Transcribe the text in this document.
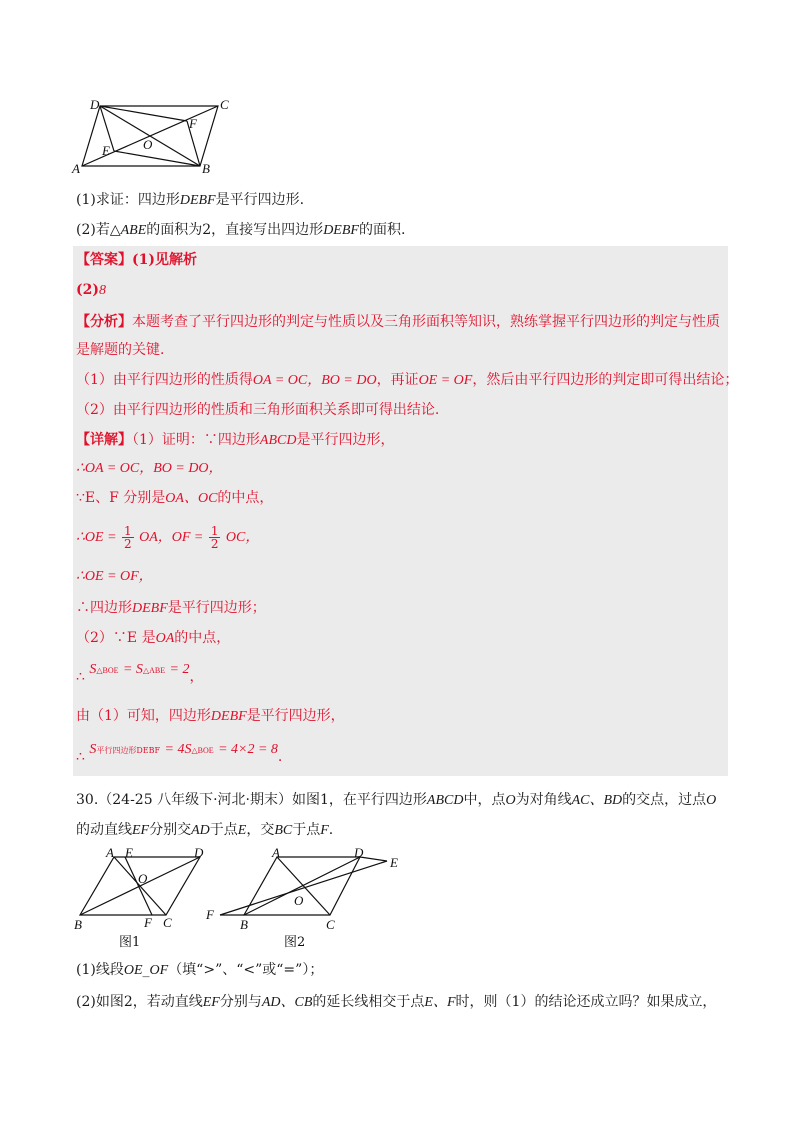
D	C
F
O
E
A	B
(1)求证：四边形DEBF是平行四边形.
(2)若△ABE的面积为2，直接写出四边形DEBF的面积.
【答案】(1)见解析
(2)8
【分析】本题考查了平行四边形的判定与性质以及三角形面积等知识，熟练掌握平行四边形的判定与性质
是解题的关键.
（1）由平行四边形的性质得OA = OC，BO = DO，再证OE = OF，然后由平行四边形的判定即可得出结论；
（2）由平行四边形的性质和三角形面积关系即可得出结论.
【详解】（1）证明：∵四边形ABCD是平行四边形，
∴OA = OC，BO = DO，
∵E、F 分别是OA、OC的中点，
∴OE = $\frac{1}{2}$ OA，OF = $\frac{1}{2}$ OC，
∴OE = OF，
∴四边形DEBF是平行四边形；
（2）∵E 是OA的中点，
∴ S△BOE = S△ABE = 2，
由（1）可知，四边形DEBF是平行四边形，
∴ S平行四边形DEBF = 4S△BOE = 4×2 = 8.
30.（24-25 八年级下·河北·期末）如图1，在平行四边形ABCD中，点O为对角线AC、BD的交点，过点O
的动直线EF分别交AD于点E，交BC于点F.
A E	D
O
B	F C
图1
A	D
E
O
F
B	C
图2
(1)线段OE_OF（填“>”、“<”或“=”）；
(2)如图2，若动直线EF分别与AD、CB的延长线相交于点E、F时，则（1）的结论还成立吗？如果成立，
